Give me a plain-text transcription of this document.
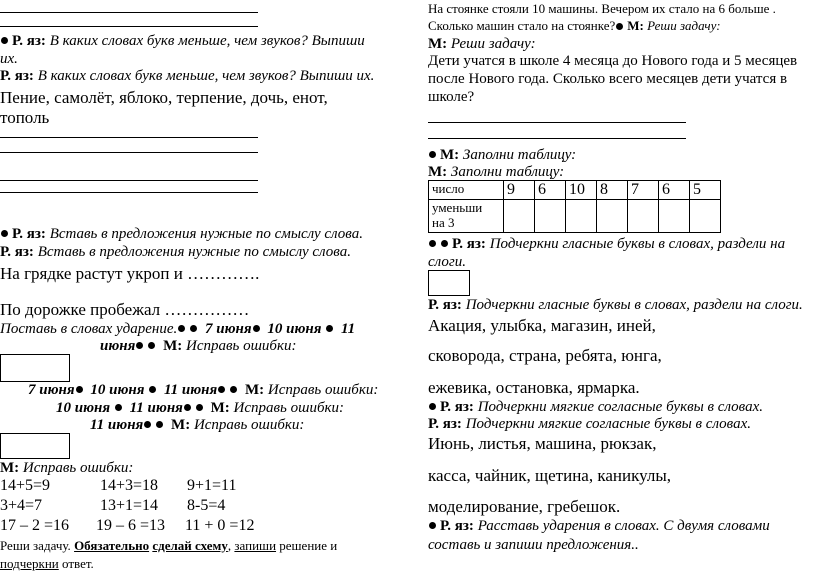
Р. яз: В каких словах букв меньше, чем звуков? Выпиши
их.
Р. яз: В каких словах букв меньше, чем звуков? Выпиши их.
Пение, самолёт, яблоко, терпение, дочь, енот,
тополь
Р. яз: Вставь в предложения нужные по смыслу слова.
Р. яз: Вставь в предложения нужные по смыслу слова.
На грядке растут укроп и ………….
По дорожке пробежал ……………
Поставь в словах ударение. 7 июня 10 июня 11
июня М: Исправь ошибки:
7 июня 10 июня 11 июня М: Исправь ошибки:
10 июня 11 июня М: Исправь ошибки:
11 июня М: Исправь ошибки:
М: Исправь ошибки:
14+5=9	14+3=18 9+1=11
3+4=7	13+1=14 8-5=4
17 – 2 =16 19 – 6 =13 11 + 0 =12
Реши задачу. Обязательно сделай схему, запиши решение и
подчеркни ответ.
На стоянке стояли 10 машины. Вечером их стало на 6 больше .
Сколько машин стало на стоянке? М: Реши задачу:
М: Реши задачу:
Дети учатся в школе 4 месяца до Нового года и 5 месяцев
после Нового года. Сколько всего месяцев дети учатся в
школе?
М: Заполни таблицу:
М: Заполни таблицу:
число	9	6	10	8	7	6	5
уменьши
на 3							
Р. яз: Подчеркни гласные буквы в словах, раздели на
слоги.
Р. яз: Подчеркни гласные буквы в словах, раздели на слоги.
Акация, улыбка, магазин, иней,
сковорода, страна, ребята, юнга,
ежевика, остановка, ярмарка.
Р. яз: Подчеркни мягкие согласные буквы в словах.
Р. яз: Подчеркни мягкие согласные буквы в словах.
Июнь, листья, машина, рюкзак,
касса, чайник, щетина, каникулы,
моделирование, гребешок.
Р. яз: Расставь ударения в словах. С двумя словами
составь и запиши предложения..
